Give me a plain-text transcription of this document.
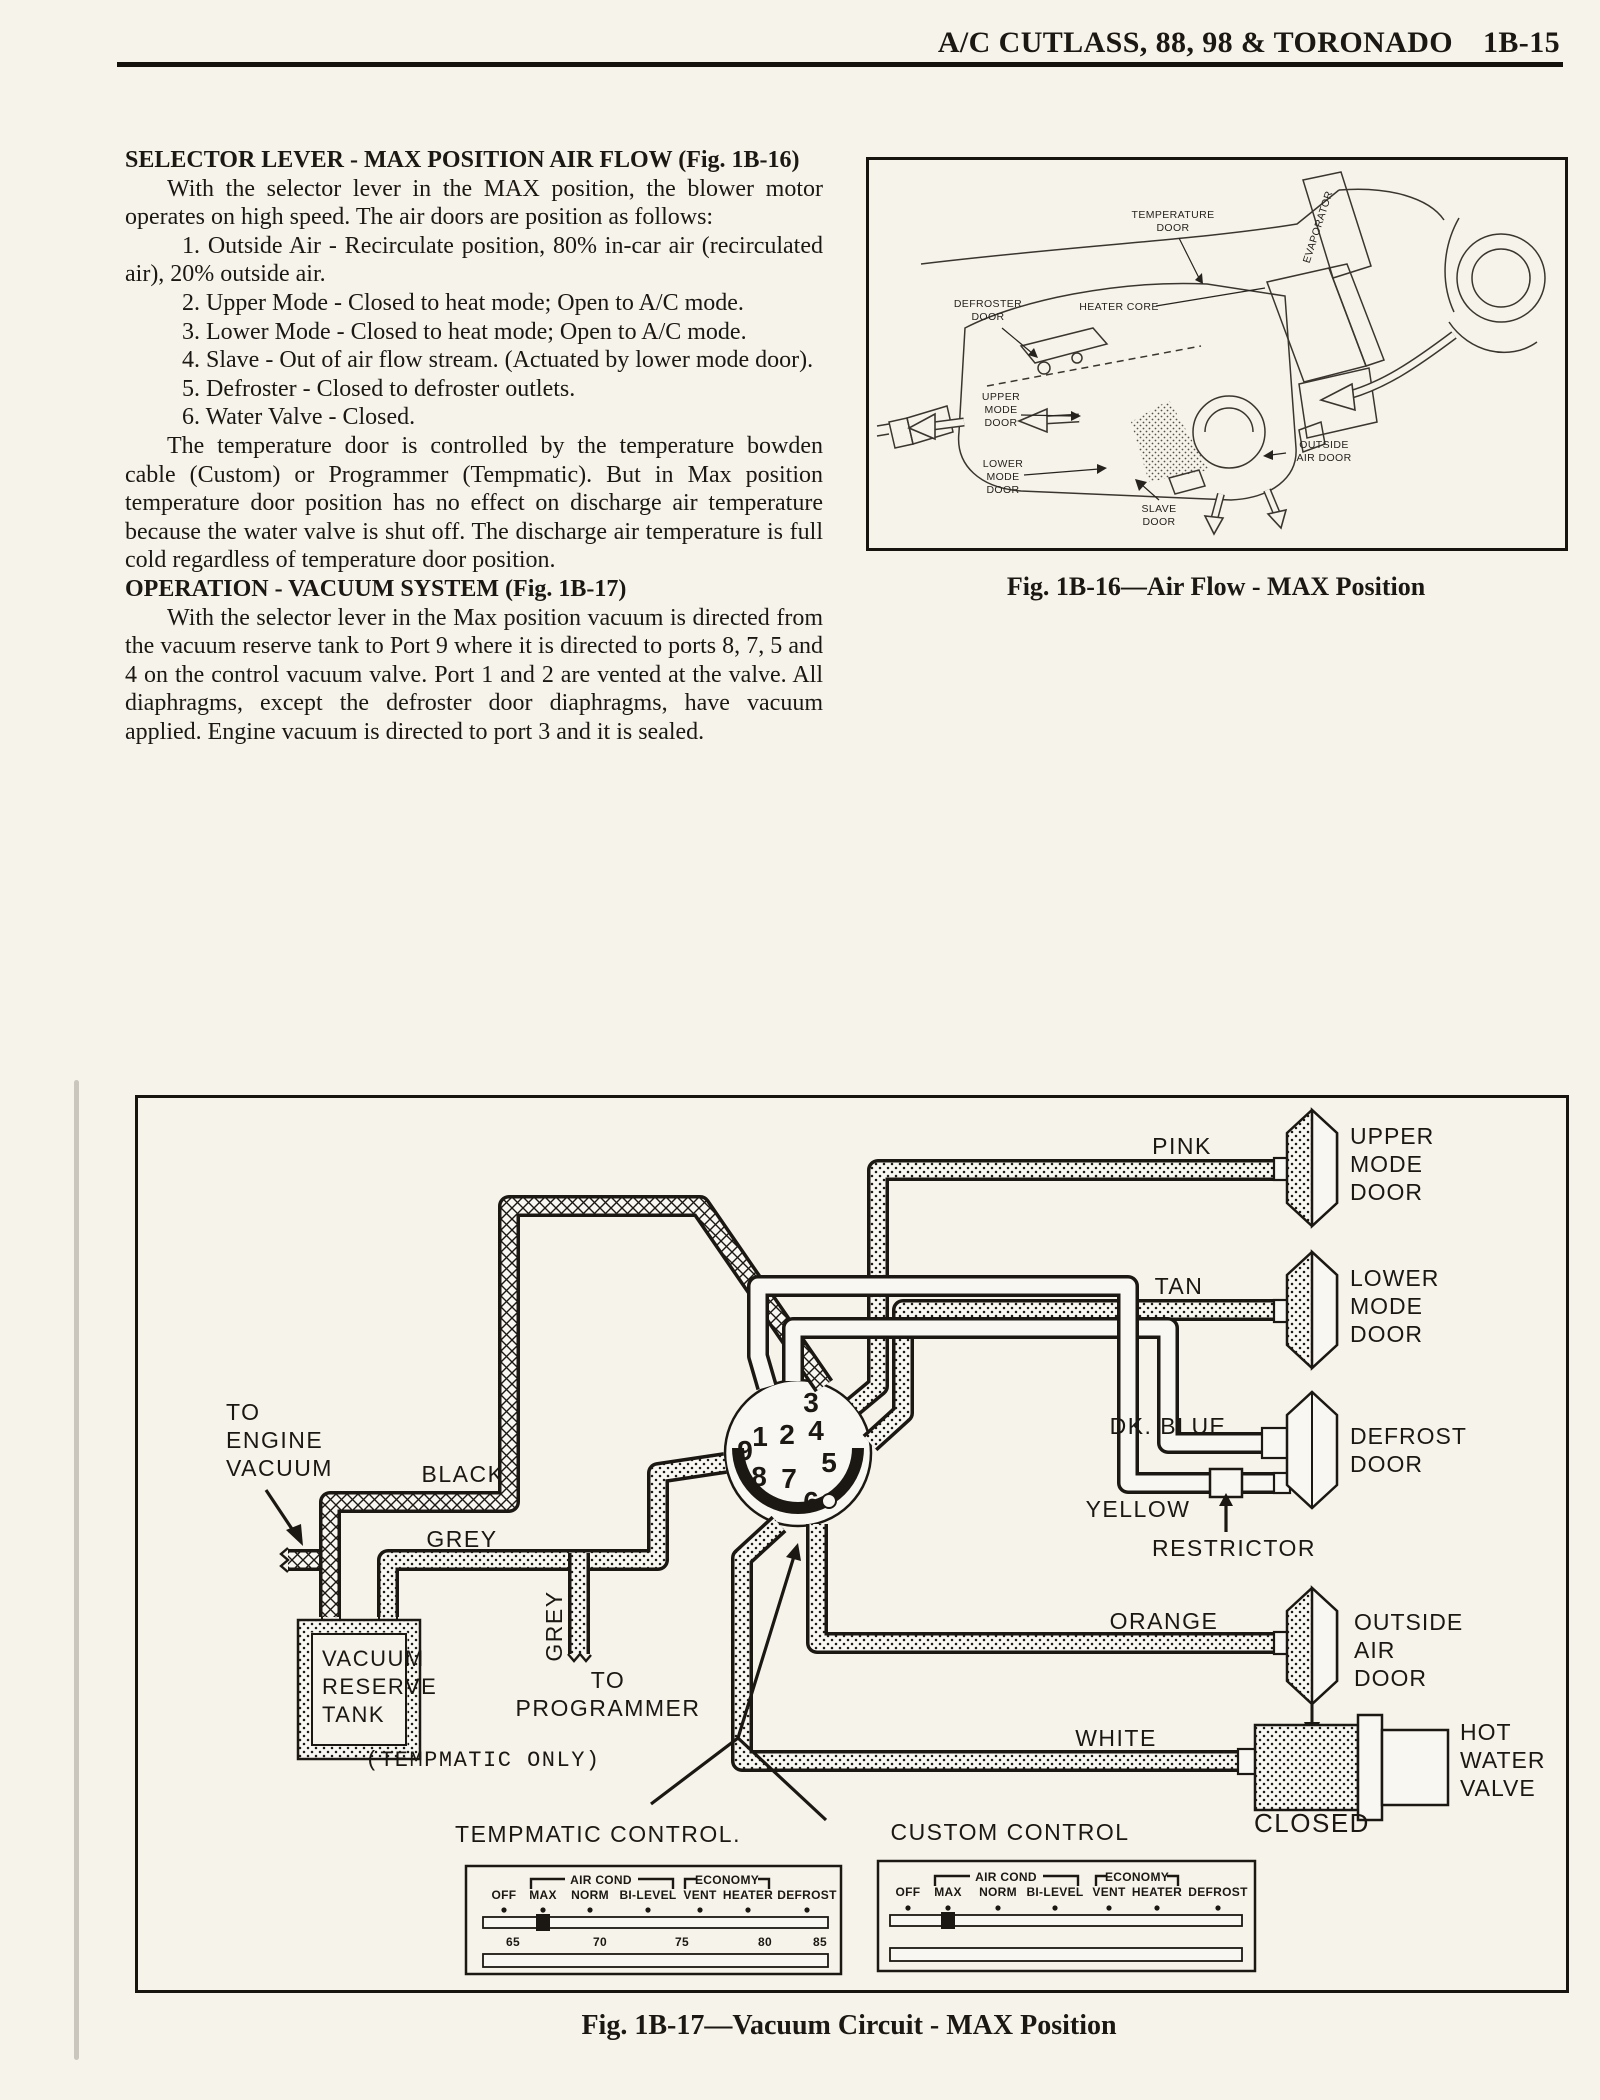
A/C CUTLASS, 88, 98 & TORONADO 1B-15
SELECTOR LEVER - MAX POSITION AIR FLOW (Fig. 1B-16)

With the selector lever in the MAX position, the blower motor operates on high speed. The air doors are position as follows:

1. Outside Air - Recirculate position, 80% in-car air (recirculated air), 20% outside air.

2. Upper Mode - Closed to heat mode; Open to A/C mode.

3. Lower Mode - Closed to heat mode; Open to A/C mode.

4. Slave - Out of air flow stream. (Actuated by lower mode door).

5. Defroster - Closed to defroster outlets.

6. Water Valve - Closed.

The temperature door is controlled by the temperature bowden cable (Custom) or Programmer (Tempmatic). But in Max position temperature door position has no effect on discharge air temperature because the water valve is shut off. The discharge air temperature is full cold regardless of temperature door position.

OPERATION - VACUUM SYSTEM (Fig. 1B-17)

With the selector lever in the Max position vacuum is directed from the vacuum reserve tank to Port 9 where it is directed to ports 8, 7, 5 and 4 on the control vacuum valve. Port 1 and 2 are vented at the valve. All diaphragms, except the defroster door diaphragms, have vacuum applied. Engine vacuum is directed to port 3 and it is sealed.

TEMPERATURE
DOOR	EVAPORATOR
DEFROSTER
DOOR
HEATER CORE
UPPER
MODE
DOOR
LOWER
MODE
DOOR
SLAVE
DOOR
OUTSIDE
AIR DOOR
Fig. 1B-16—Air Flow - MAX Position
1 2
3
4
5
6
7
8
9
PINK
TAN
DK. BLUE
YELLOW
ORANGE
WHITE
BLACK
GREY
GREY
RESTRICTOR
TO
ENGINE
VACUUM
VACUUM
RESERVE
TANK
TO
PROGRAMMER
(TEMPMATIC ONLY)
UPPER
MODE
DOOR
LOWER
MODE
DOOR
DEFROST
DOOR
OUTSIDE
AIR
DOOR
HOT
WATER
VALVE
CLOSED
TEMPMATIC CONTROL.	CUSTOM CONTROL
AIR COND	ECONOMY
OFF MAX NORM BI-LEVEL VENT HEATER DEFROST
65	70	75	80	85
AIR COND	ECONOMY
OFF MAX NORM BI-LEVEL VENT HEATER DEFROST
Fig. 1B-17—Vacuum Circuit - MAX Position
